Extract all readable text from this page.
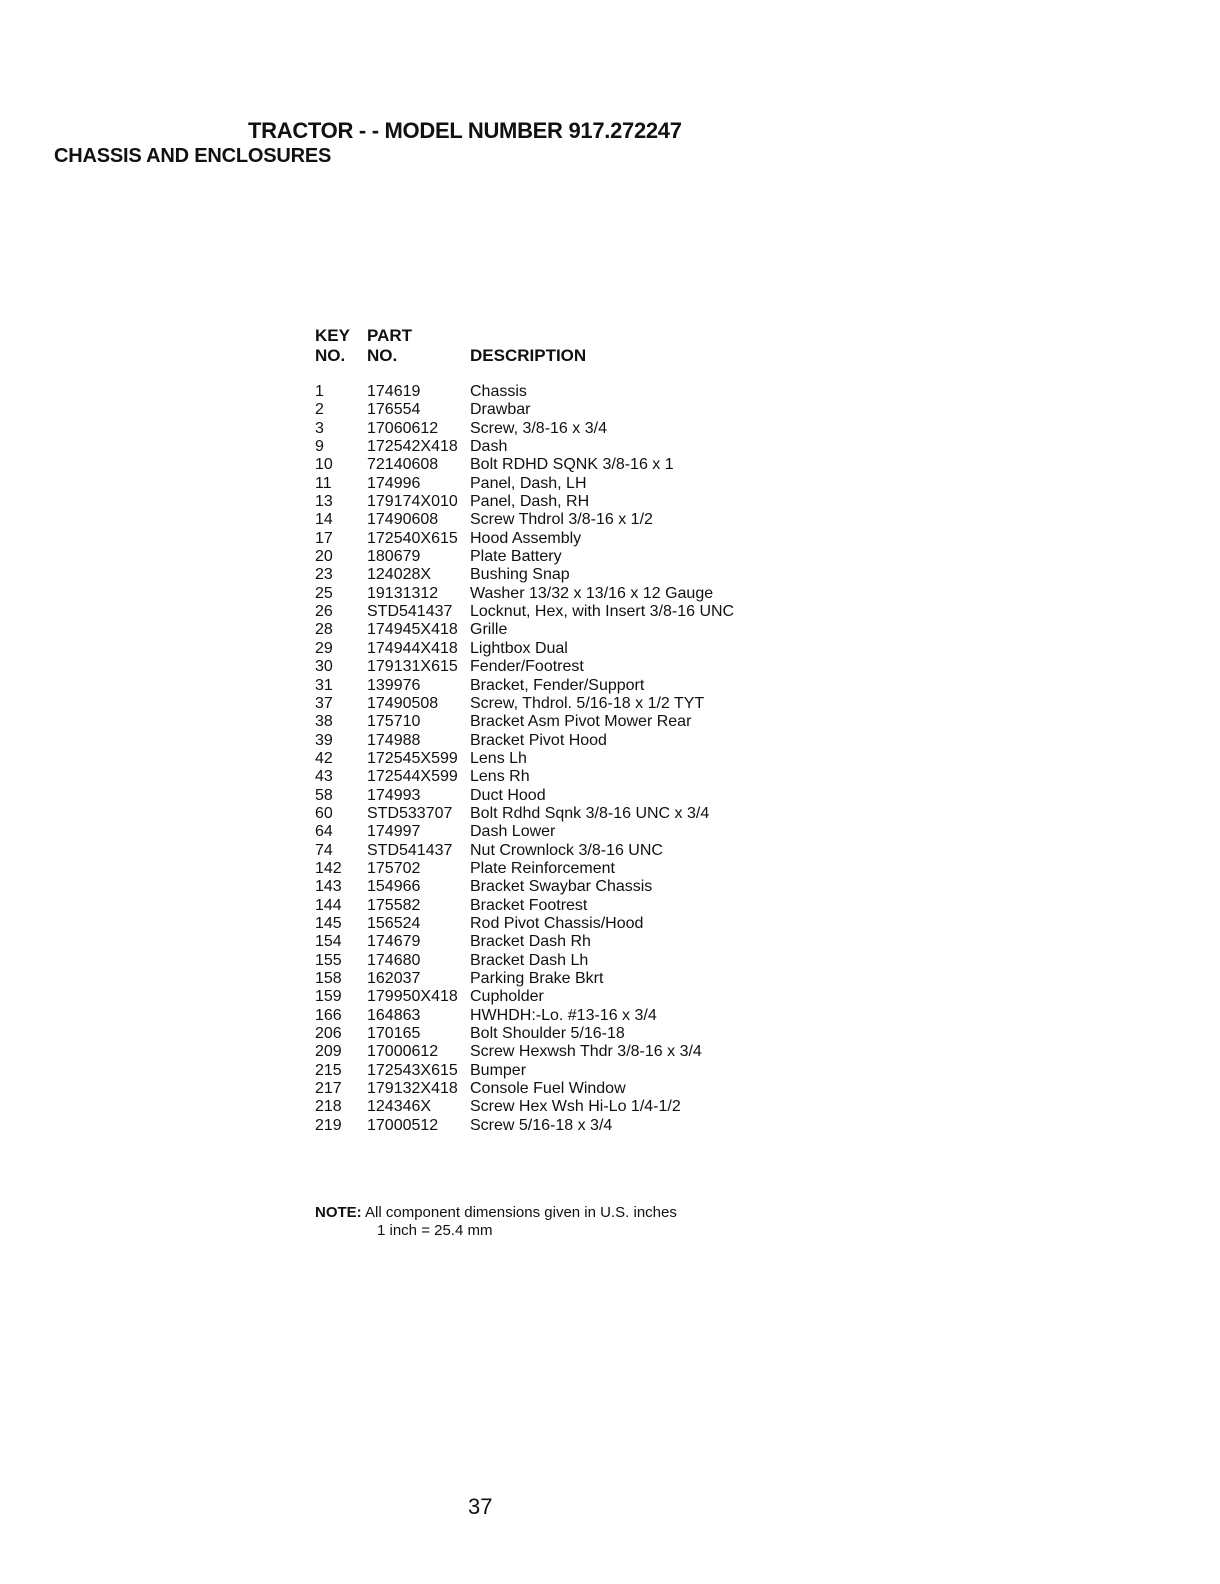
TRACTOR - - MODEL NUMBER 917.272247
CHASSIS AND ENCLOSURES
KEY
NO.
PART
NO.	DESCRIPTION
1	174619	Chassis
2	176554	Drawbar
3	17060612 Screw, 3/8-16 x 3/4
9	172542X418 Dash
10 72140608 Bolt RDHD SQNK 3/8-16 x 1
11 174996	Panel, Dash, LH
13 179174X010 Panel, Dash, RH
14 17490608 Screw Thdrol 3/8-16 x 1/2
17 172540X615 Hood Assembly
20 180679	Plate Battery
23 124028X Bushing Snap
25 19131312 Washer 13/32 x 13/16 x 12 Gauge
26 STD541437 Locknut, Hex, with Insert 3/8-16 UNC
28 174945X418 Grille
29 174944X418 Lightbox Dual
30 179131X615 Fender/Footrest
31 139976	Bracket, Fender/Support
37 17490508 Screw, Thdrol. 5/16-18 x 1/2 TYT
38 175710	Bracket Asm Pivot Mower Rear
39 174988	Bracket Pivot Hood
42 172545X599 Lens Lh
43 172544X599 Lens Rh
58 174993	Duct Hood
60 STD533707 Bolt Rdhd Sqnk 3/8-16 UNC x 3/4
64 174997	Dash Lower
74 STD541437 Nut Crownlock 3/8-16 UNC
142 175702	Plate Reinforcement
143 154966	Bracket Swaybar Chassis
144 175582	Bracket Footrest
145 156524	Rod Pivot Chassis/Hood
154 174679	Bracket Dash Rh
155 174680	Bracket Dash Lh
158 162037	Parking Brake Bkrt
159 179950X418 Cupholder
166 164863	HWHDH:-Lo. #13-16 x 3/4
206 170165	Bolt Shoulder 5/16-18
209 17000612 Screw Hexwsh Thdr 3/8-16 x 3/4
215 172543X615 Bumper
217 179132X418 Console Fuel Window
218 124346X Screw Hex Wsh Hi-Lo 1/4-1/2
219 17000512 Screw 5/16-18 x 3/4
NOTE: All component dimensions given in U.S. inches
1 inch = 25.4 mm
37
